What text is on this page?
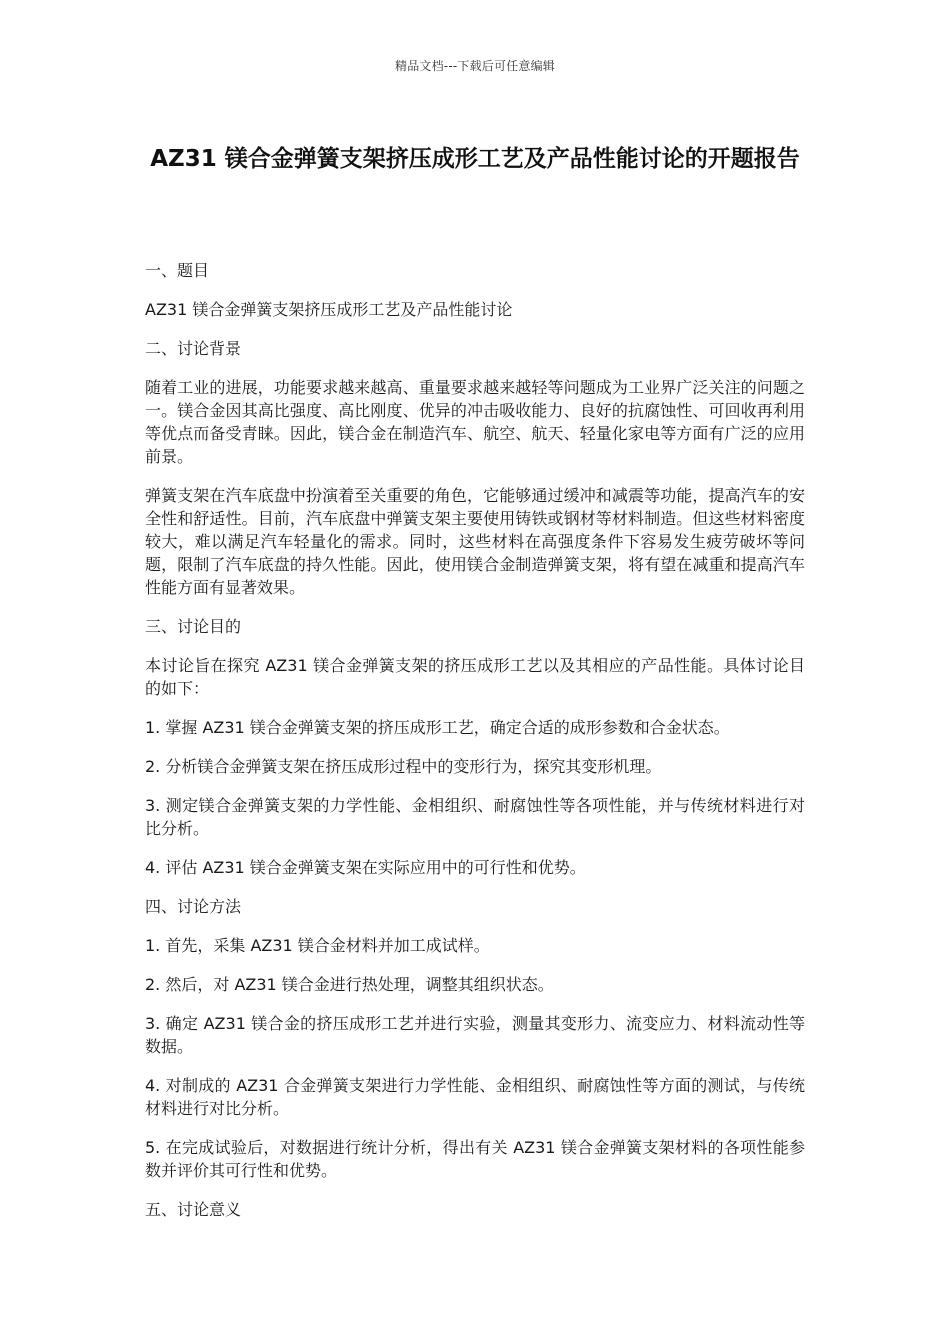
精品文档---下载后可任意编辑
AZ31 镁合金弹簧支架挤压成形工艺及产品性能讨论的开题报告

一、题目

AZ31 镁合金弹簧支架挤压成形工艺及产品性能讨论

二、讨论背景

随着工业的进展，功能要求越来越高、重量要求越来越轻等问题成为工业界广泛关注的问题之一。镁合金因其高比强度、高比刚度、优异的冲击吸收能力、良好的抗腐蚀性、可回收再利用等优点而备受青睐。因此，镁合金在制造汽车、航空、航天、轻量化家电等方面有广泛的应用前景。

弹簧支架在汽车底盘中扮演着至关重要的角色，它能够通过缓冲和减震等功能，提高汽车的安全性和舒适性。目前，汽车底盘中弹簧支架主要使用铸铁或钢材等材料制造。但这些材料密度较大，难以满足汽车轻量化的需求。同时，这些材料在高强度条件下容易发生疲劳破坏等问题，限制了汽车底盘的持久性能。因此，使用镁合金制造弹簧支架，将有望在减重和提高汽车性能方面有显著效果。

三、讨论目的

本讨论旨在探究 AZ31 镁合金弹簧支架的挤压成形工艺以及其相应的产品性能。具体讨论目的如下：

1. 掌握 AZ31 镁合金弹簧支架的挤压成形工艺，确定合适的成形参数和合金状态。

2. 分析镁合金弹簧支架在挤压成形过程中的变形行为，探究其变形机理。

3. 测定镁合金弹簧支架的力学性能、金相组织、耐腐蚀性等各项性能，并与传统材料进行对比分析。

4. 评估 AZ31 镁合金弹簧支架在实际应用中的可行性和优势。

四、讨论方法

1. 首先，采集 AZ31 镁合金材料并加工成试样。

2. 然后，对 AZ31 镁合金进行热处理，调整其组织状态。

3. 确定 AZ31 镁合金的挤压成形工艺并进行实验，测量其变形力、流变应力、材料流动性等数据。

4. 对制成的 AZ31 合金弹簧支架进行力学性能、金相组织、耐腐蚀性等方面的测试，与传统材料进行对比分析。

5. 在完成试验后，对数据进行统计分析，得出有关 AZ31 镁合金弹簧支架材料的各项性能参数并评价其可行性和优势。

五、讨论意义
